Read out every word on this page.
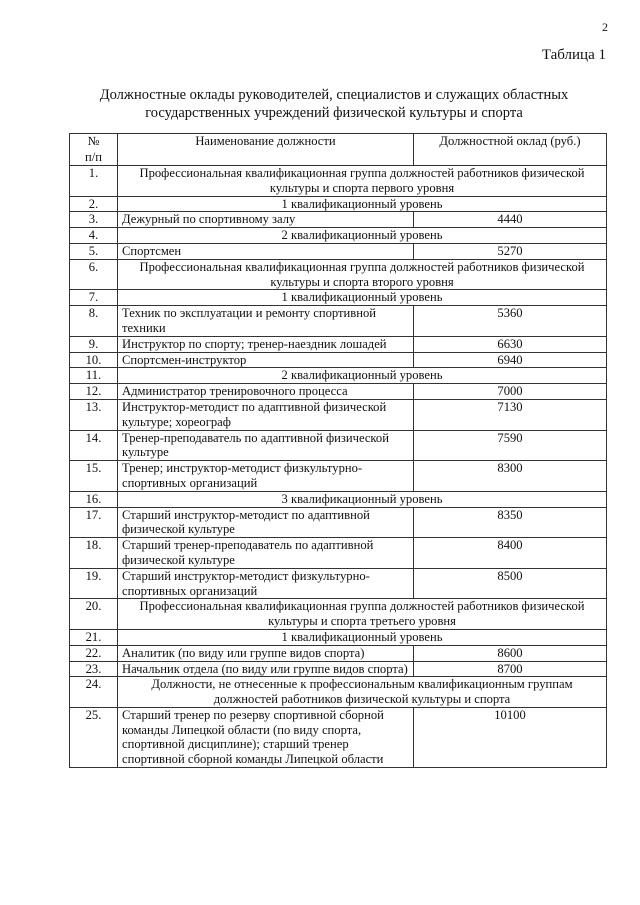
2
Таблица 1
Должностные оклады руководителей, специалистов и служащих областных
государственных учреждений физической культуры и спорта
№
п/п	Наименование должности	Должностной оклад (руб.)
1.	Профессиональная квалификационная группа должностей работников физической культуры и спорта первого уровня	
2.	1 квалификационный уровень	
3.	Дежурный по спортивному залу	4440
4.	2 квалификационный уровень	
5.	Спортсмен	5270
6.	Профессиональная квалификационная группа должностей работников физической культуры и спорта второго уровня	
7.	1 квалификационный уровень	
8.	Техник по эксплуатации и ремонту спортивной техники	5360
9.	Инструктор по спорту; тренер-наездник лошадей	6630
10.	Спортсмен-инструктор	6940
11.	2 квалификационный уровень	
12.	Администратор тренировочного процесса	7000
13.	Инструктор-методист по адаптивной физической культуре; хореограф	7130
14.	Тренер-преподаватель по адаптивной физической культуре	7590
15.	Тренер; инструктор-методист физкультурно-спортивных организаций	8300
16.	3 квалификационный уровень	
17.	Старший инструктор-методист по адаптивной физической культуре	8350
18.	Старший тренер-преподаватель по адаптивной физической культуре	8400
19.	Старший инструктор-методист физкультурно-спортивных организаций	8500
20.	Профессиональная квалификационная группа должностей работников физической культуры и спорта третьего уровня	
21.	1 квалификационный уровень	
22.	Аналитик (по виду или группе видов спорта)	8600
23.	Начальник отдела (по виду или группе видов спорта)	8700
24.	Должности, не отнесенные к профессиональным квалификационным группам должностей работников физической культуры и спорта	
25.	Старший тренер по резерву спортивной сборной команды Липецкой области (по виду спорта, спортивной дисциплине); старший тренер спортивной сборной команды Липецкой области	10100
